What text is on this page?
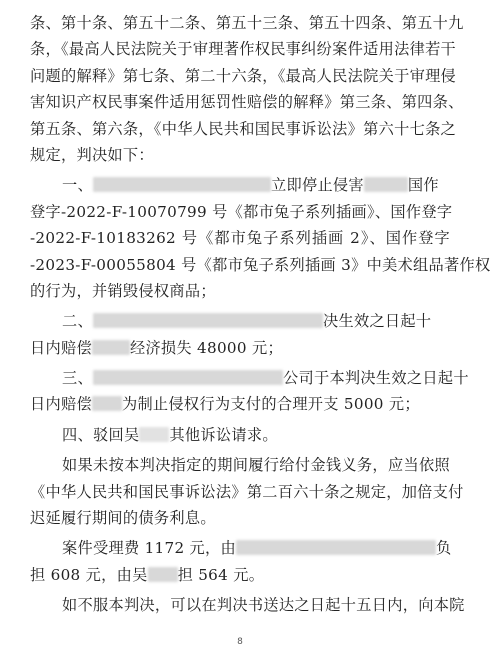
条、第十条、第五十二条、第五十三条、第五十四条、第五十九
条，《最高人民法院关于审理著作权民事纠纷案件适用法律若干
问题的解释》第七条、第二十六条，《最高人民法院关于审理侵
害知识产权民事案件适用惩罚性赔偿的解释》第三条、第四条、
第五条、第六条，《中华人民共和国民事诉讼法》第六十七条之
规定，判决如下：
一、	立即停止侵害	国作
登字-2022-F-10070799 号《都市兔子系列插画》、国作登字
-2022-F-10183262 号《都市兔子系列插画 2》、国作登字
-2023-F-00055804 号《都市兔子系列插画 3》中美术组品著作权
的行为，并销毁侵权商品；
二、	决生效之日起十
日内赔偿	经济损失 48000 元；
三、	公司于本判决生效之日起十
日内赔偿 为制止侵权行为支付的合理开支 5000 元；
四、驳回吴 其他诉讼请求。
如果未按本判决指定的期间履行给付金钱义务，应当依照
《中华人民共和国民事诉讼法》第二百六十条之规定，加倍支付
迟延履行期间的债务利息。
案件受理费 1172 元，由	负
担 608 元，由吴 担 564 元。
如不服本判决，可以在判决书送达之日起十五日内，向本院
8
